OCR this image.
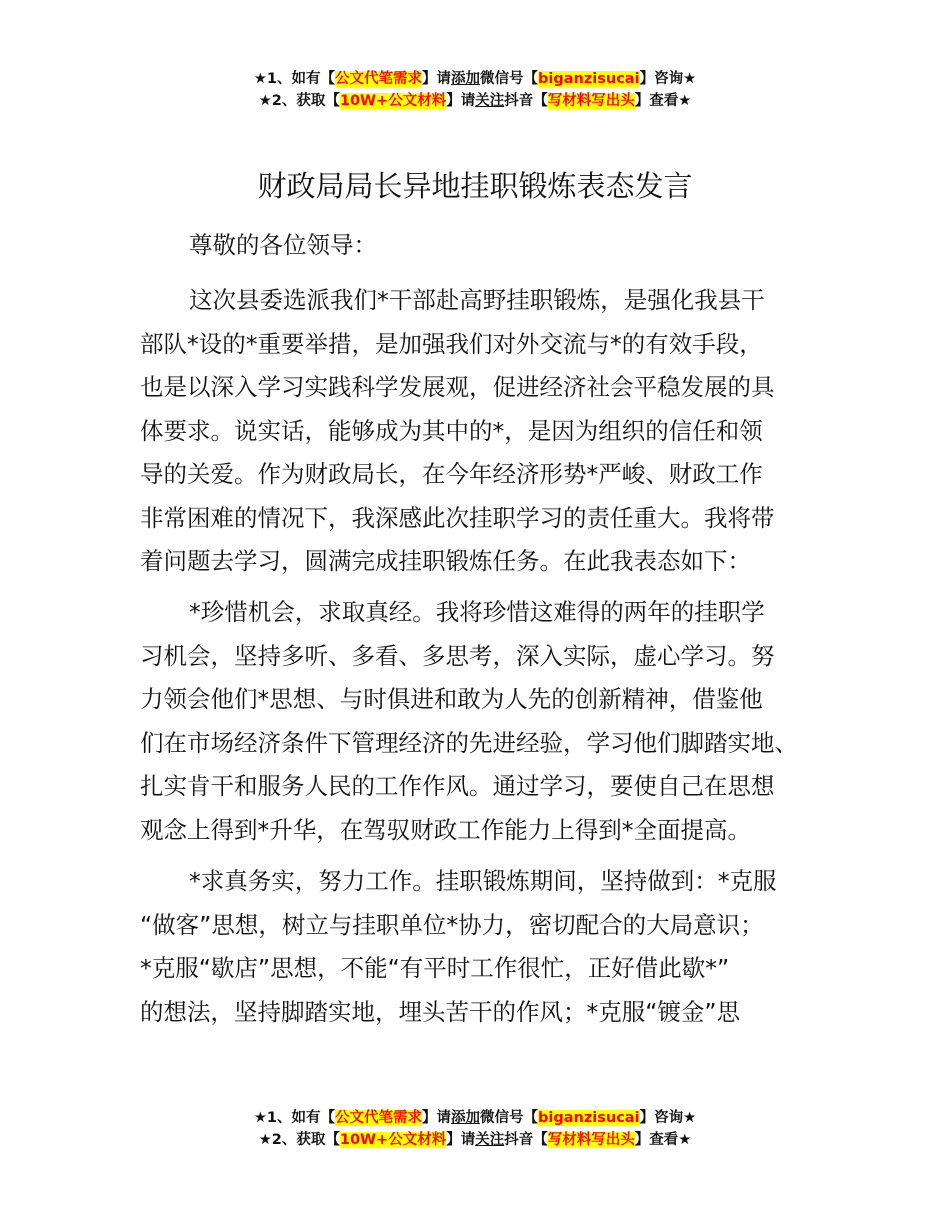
★1、如有【公文代笔需求】请添加微信号【biganzisucai】咨询★
★2、获取【10W+公文材料】请关注抖音【写材料写出头】查看★
财政局局长异地挂职锻炼表态发言

尊敬的各位领导：

这次县委选派我们*干部赴高野挂职锻炼，是强化我县干
部队*设的*重要举措，是加强我们对外交流与*的有效手段，
也是以深入学习实践科学发展观，促进经济社会平稳发展的具
体要求。说实话，能够成为其中的*，是因为组织的信任和领
导的关爱。作为财政局长，在今年经济形势*严峻、财政工作
非常困难的情况下，我深感此次挂职学习的责任重大。我将带
着问题去学习，圆满完成挂职锻炼任务。在此我表态如下：

*珍惜机会，求取真经。我将珍惜这难得的两年的挂职学
习机会，坚持多听、多看、多思考，深入实际，虚心学习。努
力领会他们*思想、与时俱进和敢为人先的创新精神，借鉴他
们在市场经济条件下管理经济的先进经验，学习他们脚踏实地、
扎实肯干和服务人民的工作作风。通过学习，要使自己在思想
观念上得到*升华，在驾驭财政工作能力上得到*全面提高。

*求真务实，努力工作。挂职锻炼期间，坚持做到：*克服
“做客”思想，树立与挂职单位*协力，密切配合的大局意识；
*克服“歇店”思想，不能“有平时工作很忙，正好借此歇*”
的想法，坚持脚踏实地，埋头苦干的作风；*克服“镀金”思

★1、如有【公文代笔需求】请添加微信号【biganzisucai】咨询★
★2、获取【10W+公文材料】请关注抖音【写材料写出头】查看★
